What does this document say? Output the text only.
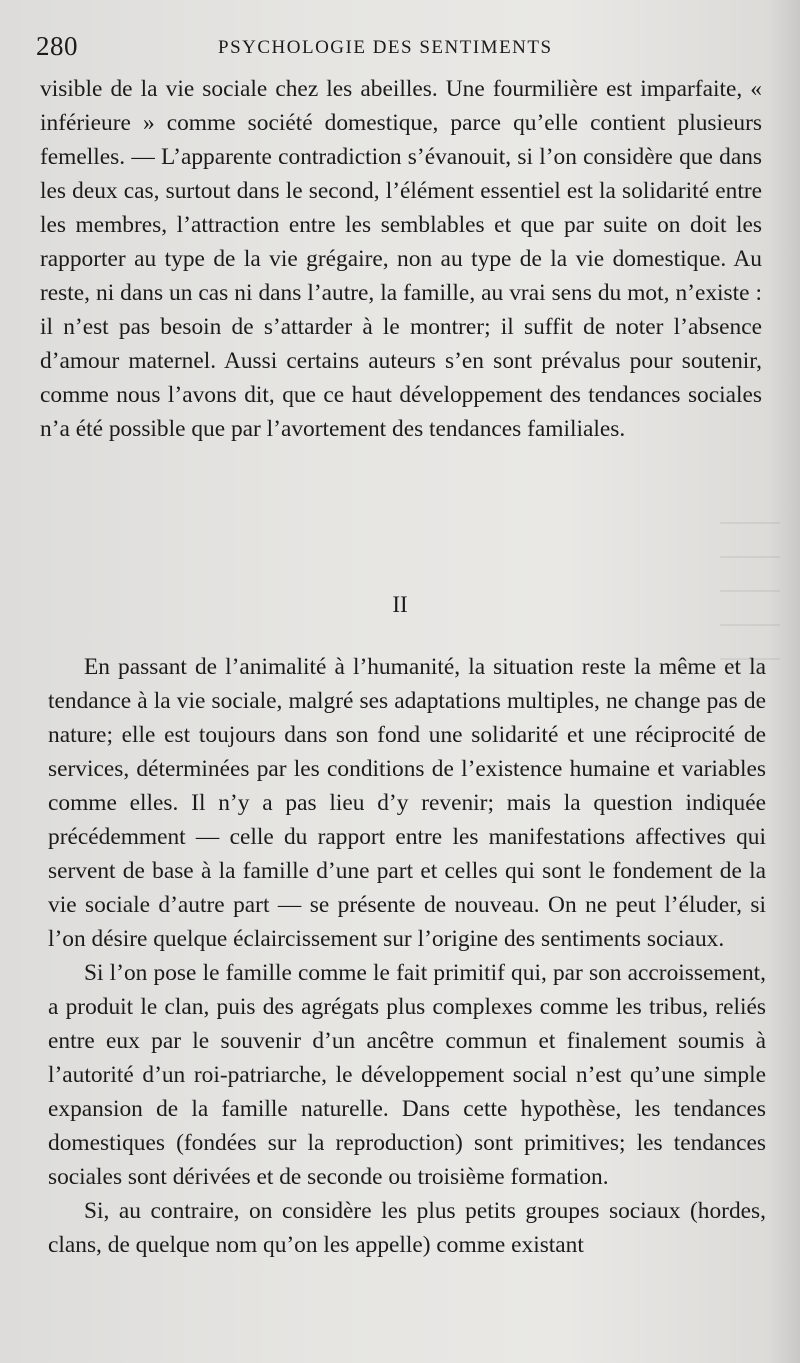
280	PSYCHOLOGIE DES SENTIMENTS

visible de la vie sociale chez les abeilles. Une fourmilière est imparfaite, « inférieure » comme société domestique, parce qu’elle contient plusieurs femelles. — L’apparente contradiction s’évanouit, si l’on considère que dans les deux cas, surtout dans le second, l’élément essentiel est la solidarité entre les membres, l’attraction entre les semblables et que par suite on doit les rapporter au type de la vie grégaire, non au type de la vie domestique. Au reste, ni dans un cas ni dans l’autre, la famille, au vrai sens du mot, n’existe : il n’est pas besoin de s’attarder à le montrer; il suffit de noter l’absence d’amour maternel. Aussi certains auteurs s’en sont prévalus pour soutenir, comme nous l’avons dit, que ce haut développement des tendances sociales n’a été possible que par l’avortement des tendances familiales.

II

En passant de l’animalité à l’humanité, la situation reste la même et la tendance à la vie sociale, malgré ses adaptations multiples, ne change pas de nature; elle est toujours dans son fond une solidarité et une réciprocité de services, déterminées par les conditions de l’existence humaine et variables comme elles. Il n’y a pas lieu d’y revenir; mais la question indiquée précédemment — celle du rapport entre les manifestations affectives qui servent de base à la famille d’une part et celles qui sont le fondement de la vie sociale d’autre part — se présente de nouveau. On ne peut l’éluder, si l’on désire quelque éclaircissement sur l’origine des sentiments sociaux.

Si l’on pose le famille comme le fait primitif qui, par son accroissement, a produit le clan, puis des agrégats plus complexes comme les tribus, reliés entre eux par le souvenir d’un ancêtre commun et finalement soumis à l’autorité d’un roi-patriarche, le développement social n’est qu’une simple expansion de la famille naturelle. Dans cette hypothèse, les tendances domestiques (fondées sur la reproduction) sont primitives; les tendances sociales sont dérivées et de seconde ou troisième formation.

Si, au contraire, on considère les plus petits groupes sociaux (hordes, clans, de quelque nom qu’on les appelle) comme existant
